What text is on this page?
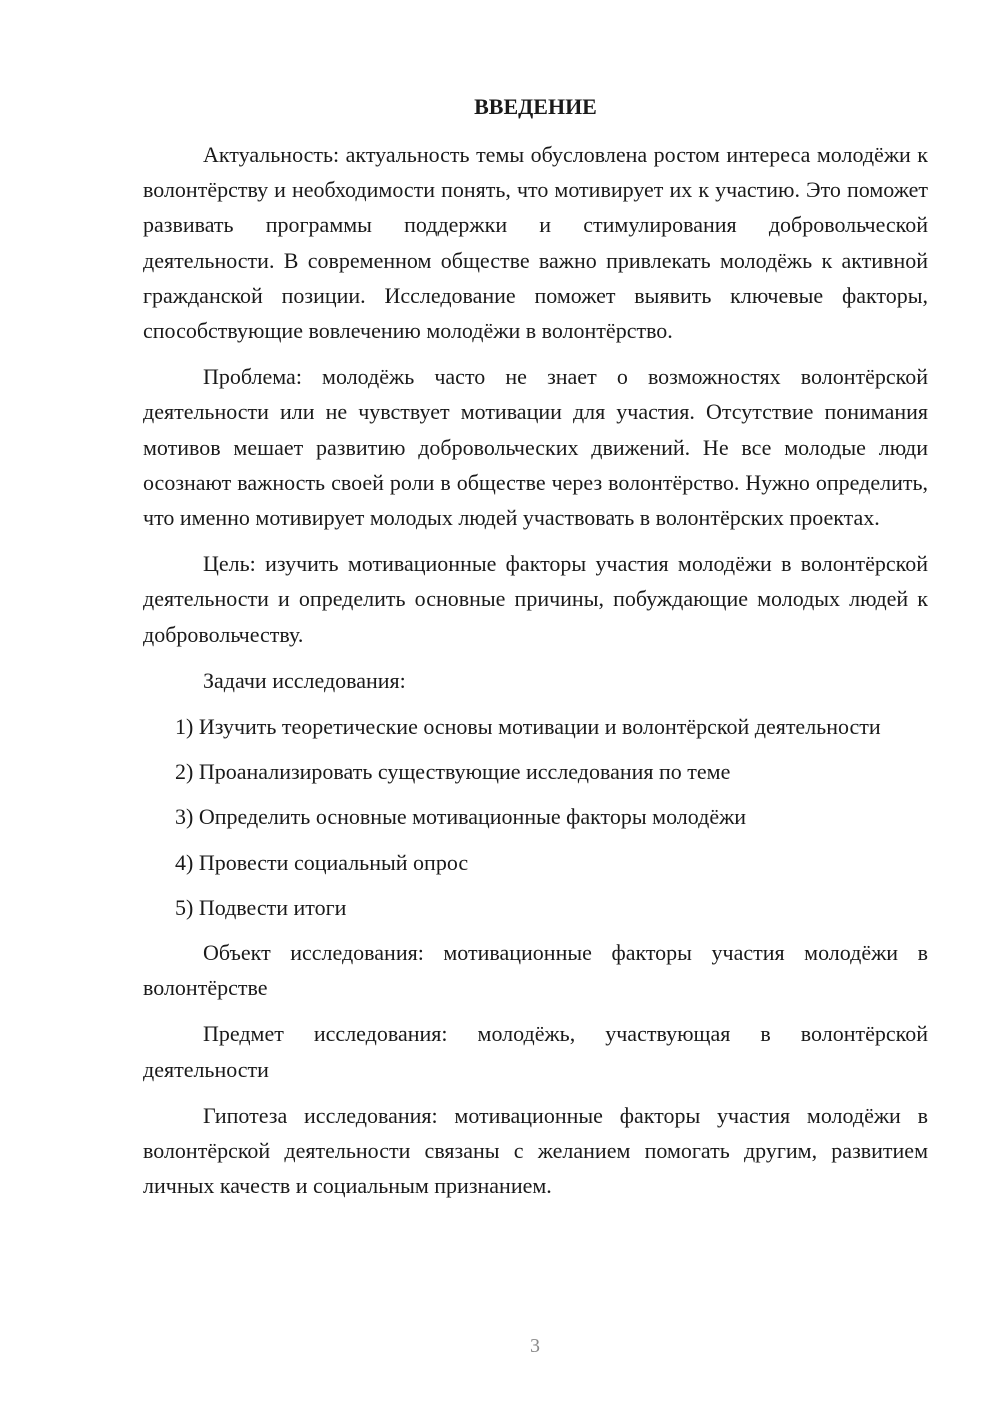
ВВЕДЕНИЕ

Актуальность: актуальность темы обусловлена ростом интереса молодёжи к волонтёрству и необходимости понять, что мотивирует их к участию. Это поможет развивать программы поддержки и стимулирования добровольческой деятельности. В современном обществе важно привлекать молодёжь к активной гражданской позиции. Исследование поможет выявить ключевые факторы, способствующие вовлечению молодёжи в волонтёрство.

Проблема: молодёжь часто не знает о возможностях волонтёрской деятельности или не чувствует мотивации для участия. Отсутствие понимания мотивов мешает развитию добровольческих движений. Не все молодые люди осознают важность своей роли в обществе через волонтёрство. Нужно определить, что именно мотивирует молодых людей участвовать в волонтёрских проектах.

Цель: изучить мотивационные факторы участия молодёжи в волонтёрской деятельности и определить основные причины, побуждающие молодых людей к добровольчеству.

Задачи исследования:

1) Изучить теоретические основы мотивации и волонтёрской деятельности

2) Проанализировать существующие исследования по теме

3) Определить основные мотивационные факторы молодёжи

4) Провести социальный опрос

5) Подвести итоги

Объект исследования: мотивационные факторы участия молодёжи в волонтёрстве

Предмет исследования: молодёжь, участвующая в волонтёрской деятельности

Гипотеза исследования: мотивационные факторы участия молодёжи в волонтёрской деятельности связаны с желанием помогать другим, развитием личных качеств и социальным признанием.

3
